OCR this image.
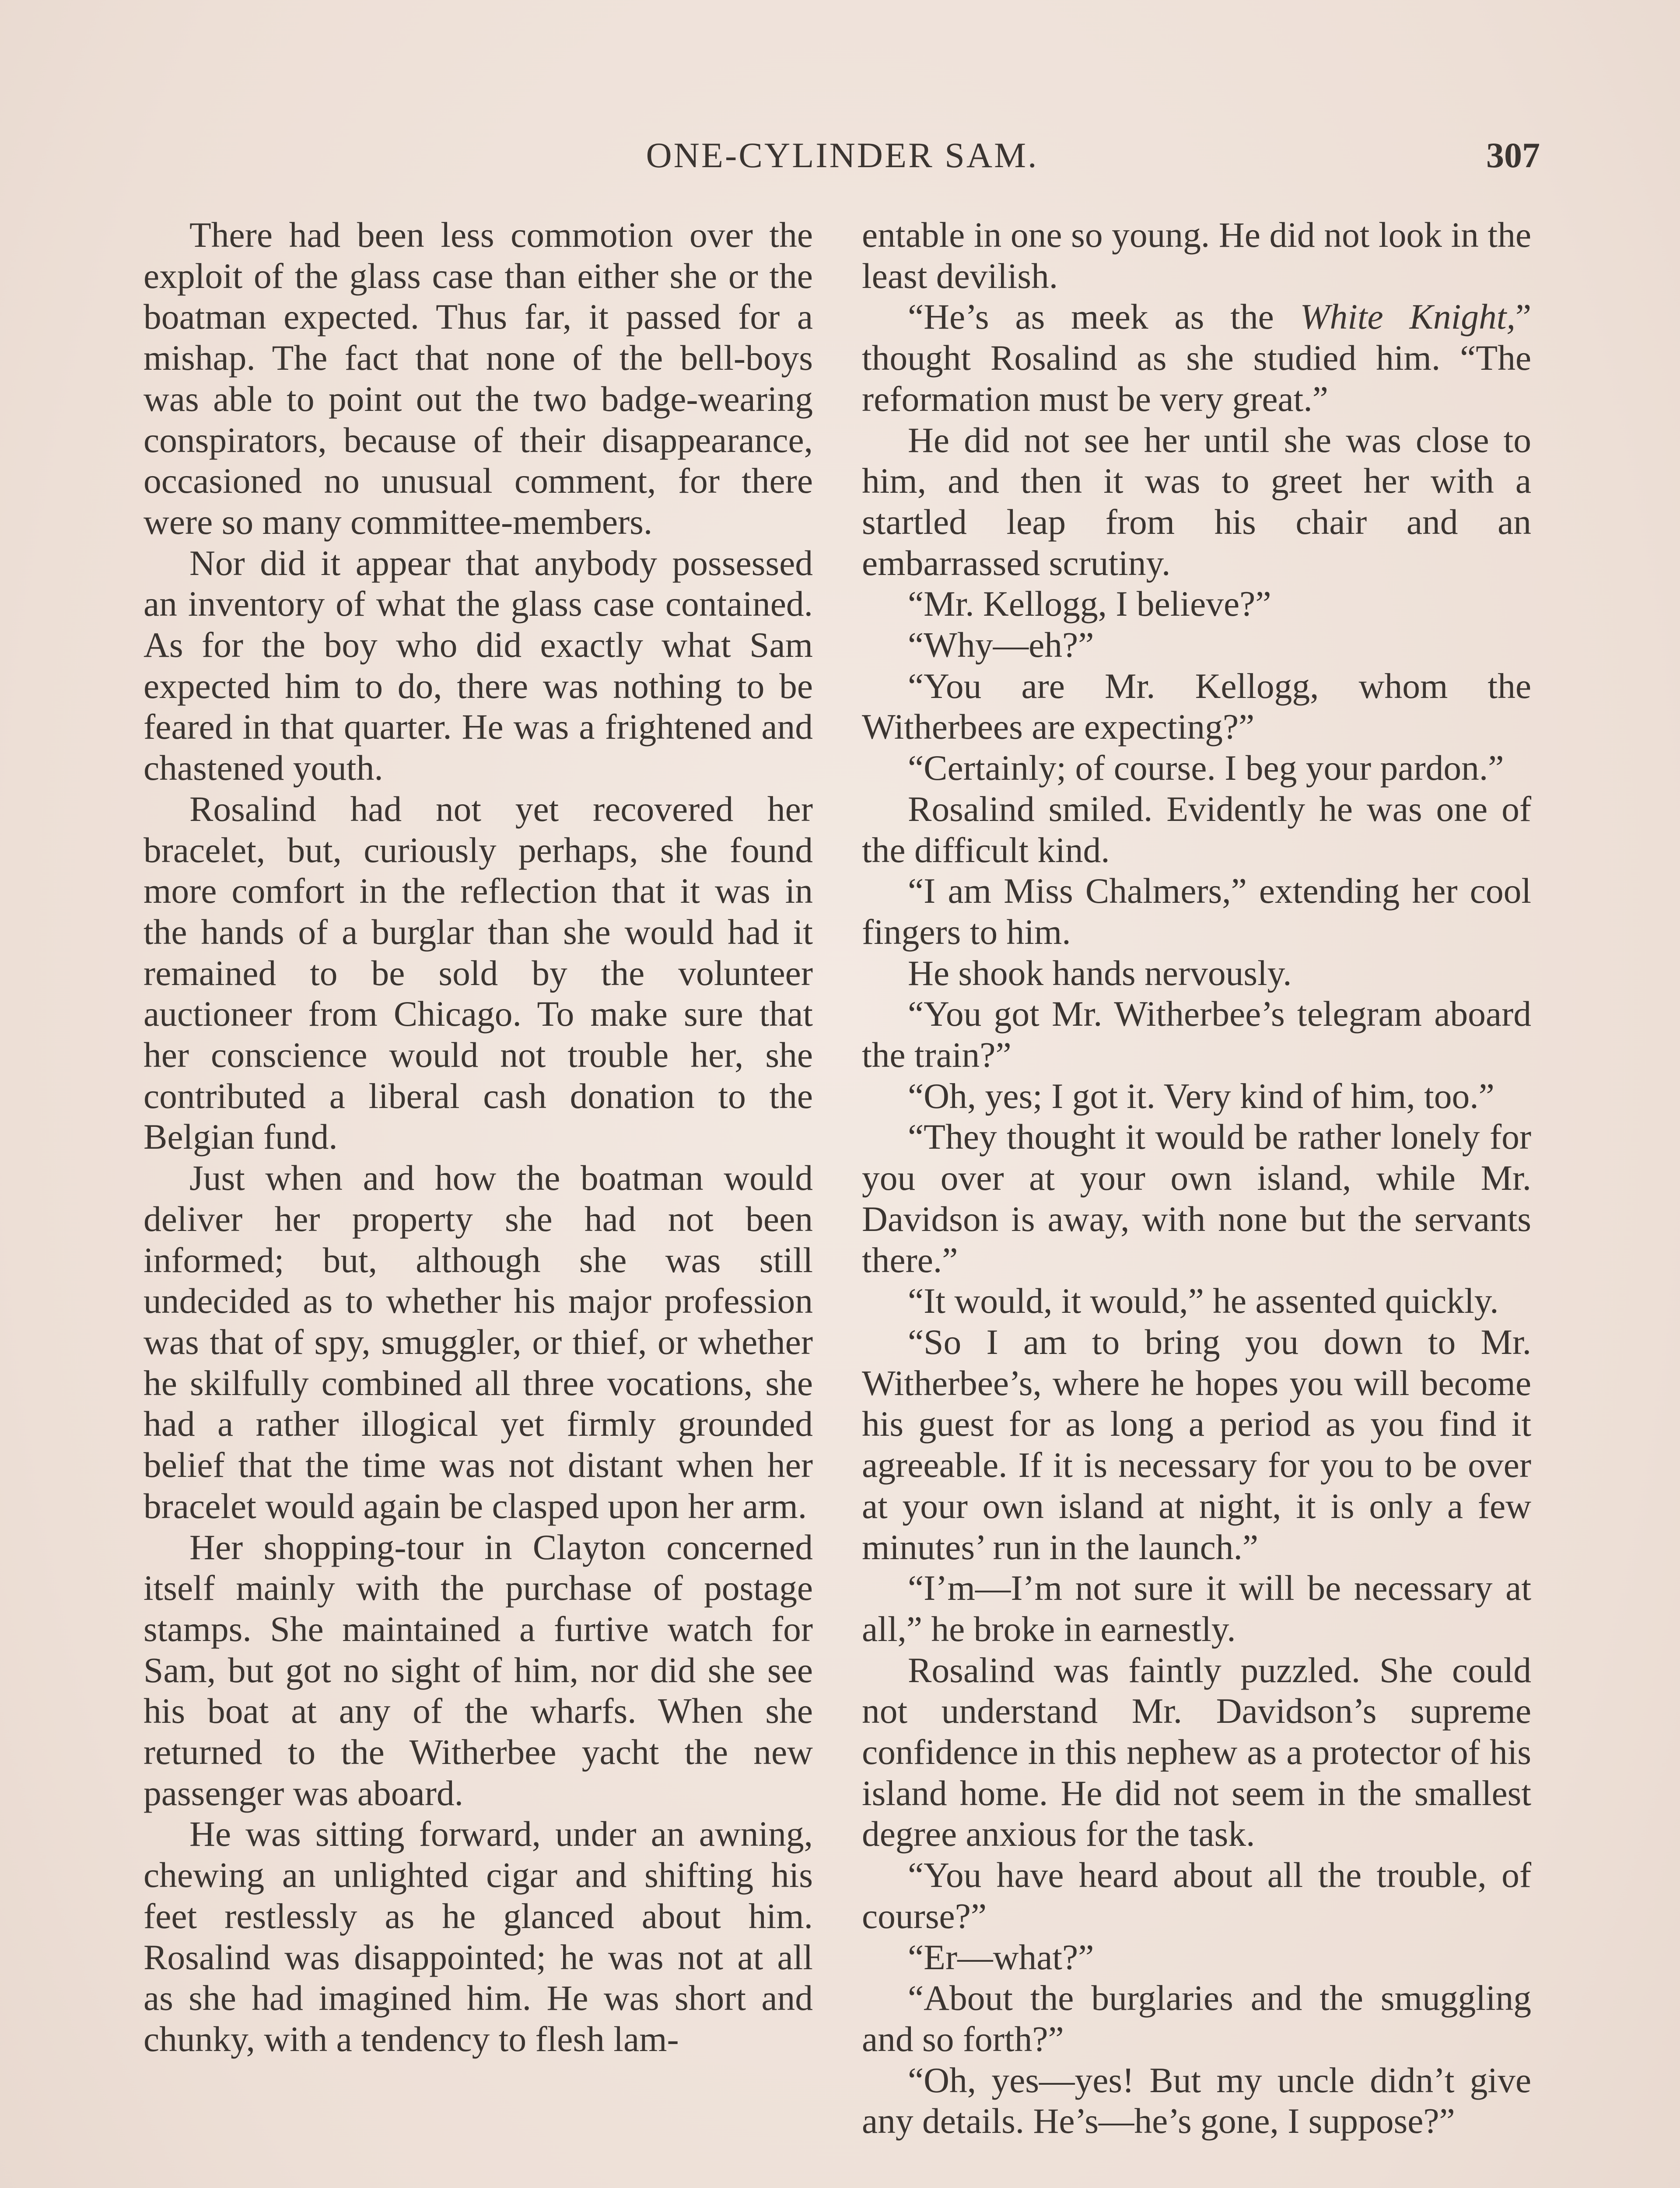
ONE-CYLINDER SAM.	307

There had been less commotion over the exploit of the glass case than either she or the boatman expected. Thus far, it passed for a mishap. The fact that none of the bell-boys was able to point out the two badge-wearing conspirators, because of their disappearance, occasioned no unusual comment, for there were so many committee-members.

Nor did it appear that anybody possessed an inventory of what the glass case contained. As for the boy who did exactly what Sam expected him to do, there was nothing to be feared in that quarter. He was a frightened and chastened youth.

Rosalind had not yet recovered her bracelet, but, curiously perhaps, she found more comfort in the reflection that it was in the hands of a burglar than she would had it remained to be sold by the volunteer auctioneer from Chicago. To make sure that her conscience would not trouble her, she contributed a liberal cash donation to the Belgian fund.

Just when and how the boatman would deliver her property she had not been informed; but, although she was still undecided as to whether his major profession was that of spy, smuggler, or thief, or whether he skilfully combined all three vocations, she had a rather illogical yet firmly grounded belief that the time was not distant when her bracelet would again be clasped upon her arm.

Her shopping-tour in Clayton concerned itself mainly with the purchase of postage stamps. She maintained a furtive watch for Sam, but got no sight of him, nor did she see his boat at any of the wharfs. When she returned to the Witherbee yacht the new passenger was aboard.

He was sitting forward, under an awning, chewing an unlighted cigar and shifting his feet restlessly as he glanced about him. Rosalind was disappointed; he was not at all as she had imagined him. He was short and chunky, with a tendency to flesh lam-

entable in one so young. He did not look in the least devilish.

“He’s as meek as the White Knight,” thought Rosalind as she studied him. “The reformation must be very great.”

He did not see her until she was close to him, and then it was to greet her with a startled leap from his chair and an embarrassed scrutiny.

“Mr. Kellogg, I believe?”

“Why—eh?”

“You are Mr. Kellogg, whom the Witherbees are expecting?”

“Certainly; of course. I beg your pardon.”

Rosalind smiled. Evidently he was one of the difficult kind.

“I am Miss Chalmers,” extending her cool fingers to him.

He shook hands nervously.

“You got Mr. Witherbee’s telegram aboard the train?”

“Oh, yes; I got it. Very kind of him, too.”

“They thought it would be rather lonely for you over at your own island, while Mr. Davidson is away, with none but the servants there.”

“It would, it would,” he assented quickly.

“So I am to bring you down to Mr. Witherbee’s, where he hopes you will become his guest for as long a period as you find it agreeable. If it is necessary for you to be over at your own island at night, it is only a few minutes’ run in the launch.”

“I’m—I’m not sure it will be necessary at all,” he broke in earnestly.

Rosalind was faintly puzzled. She could not understand Mr. Davidson’s supreme confidence in this nephew as a protector of his island home. He did not seem in the smallest degree anxious for the task.

“You have heard about all the trouble, of course?”

“Er—what?”

“About the burglaries and the smuggling and so forth?”

“Oh, yes—yes! But my uncle didn’t give any details. He’s—he’s gone, I suppose?”
